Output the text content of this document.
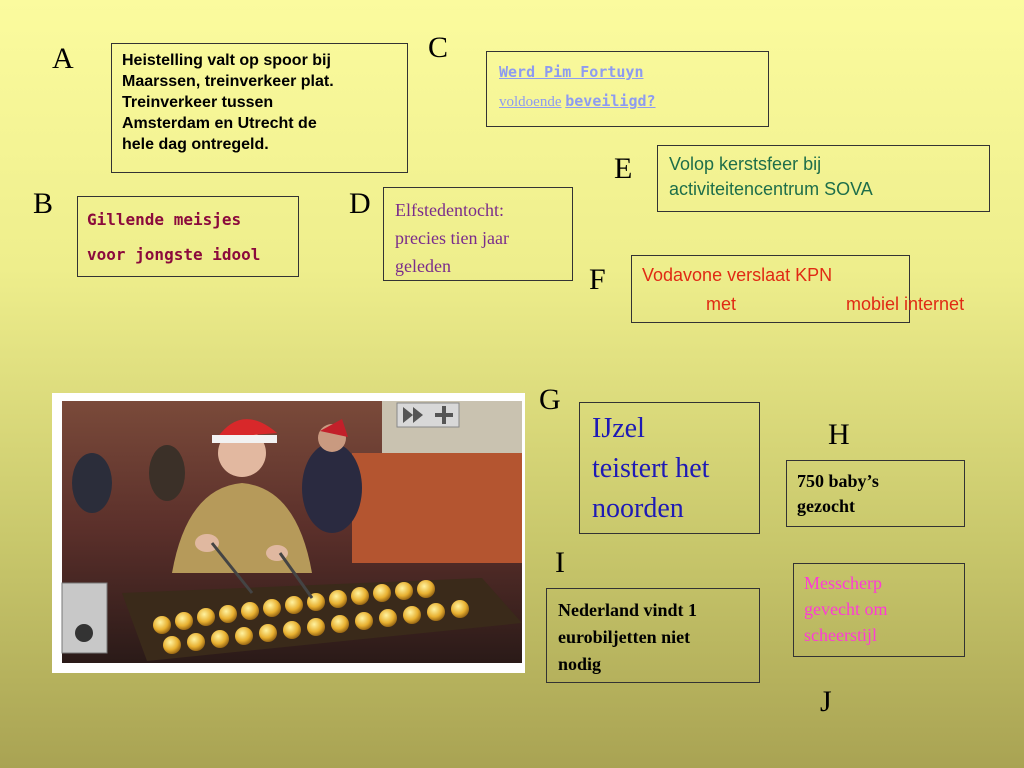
A
B
C
D
E
F
G
H
I
J
Heistelling valt op spoor bij
Maarssen, treinverkeer plat.
Treinverkeer tussen
Amsterdam en Utrecht de
hele dag ontregeld.
Gillende meisjes
voor jongste idool
Werd Pim Fortuyn
voldoende beveiligd?
Elfstedentocht:
precies tien jaar
geleden
Volop kerstsfeer bij
activiteitencentrum SOVA
Vodavone verslaat KPN
met	mobiel internet
IJzel
teistert het
noorden
750 baby’s
gezocht
Nederland vindt 1
eurobiljetten niet
nodig
Messcherp
gevecht om
scheerstijl
